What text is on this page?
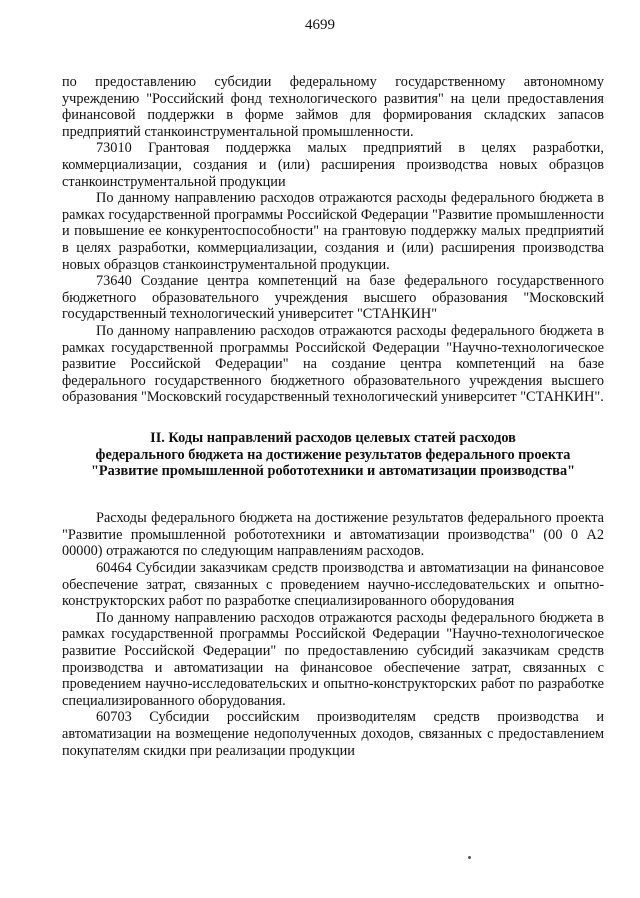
4699

по предоставлению субсидии федеральному государственному автономному учреждению "Российский фонд технологического развития" на цели предоставления финансовой поддержки в форме займов для формирования складских запасов предприятий станкоинструментальной промышленности.

73010 Грантовая поддержка малых предприятий в целях разработки, коммерциализации, создания и (или) расширения производства новых образцов станкоинструментальной продукции

По данному направлению расходов отражаются расходы федерального бюджета в рамках государственной программы Российской Федерации "Развитие промышленности и повышение ее конкурентоспособности" на грантовую поддержку малых предприятий в целях разработки, коммерциализации, создания и (или) расширения производства новых образцов станкоинструментальной продукции.

73640 Создание центра компетенций на базе федерального государственного бюджетного образовательного учреждения высшего образования "Московский государственный технологический университет "СТАНКИН"

По данному направлению расходов отражаются расходы федерального бюджета в рамках государственной программы Российской Федерации "Научно-технологическое развитие Российской Федерации" на создание центра компетенций на базе федерального государственного бюджетного образовательного учреждения высшего образования "Московский государственный технологический университет "СТАНКИН".

II. Коды направлений расходов целевых статей расходов
федерального бюджета на достижение результатов федерального проекта
"Развитие промышленной робототехники и автоматизации производства"

Расходы федерального бюджета на достижение результатов федерального проекта "Развитие промышленной робототехники и автоматизации производства" (00 0 А2 00000) отражаются по следующим направлениям расходов.

60464 Субсидии заказчикам средств производства и автоматизации на финансовое обеспечение затрат, связанных с проведением научно-исследовательских и опытно-конструкторских работ по разработке специализированного оборудования

По данному направлению расходов отражаются расходы федерального бюджета в рамках государственной программы Российской Федерации "Научно-технологическое развитие Российской Федерации" по предоставлению субсидий заказчикам средств производства и автоматизации на финансовое обеспечение затрат, связанных с проведением научно-исследовательских и опытно-конструкторских работ по разработке специализированного оборудования.

60703 Субсидии российским производителям средств производства и автоматизации на возмещение недополученных доходов, связанных с предоставлением покупателям скидки при реализации продукции
